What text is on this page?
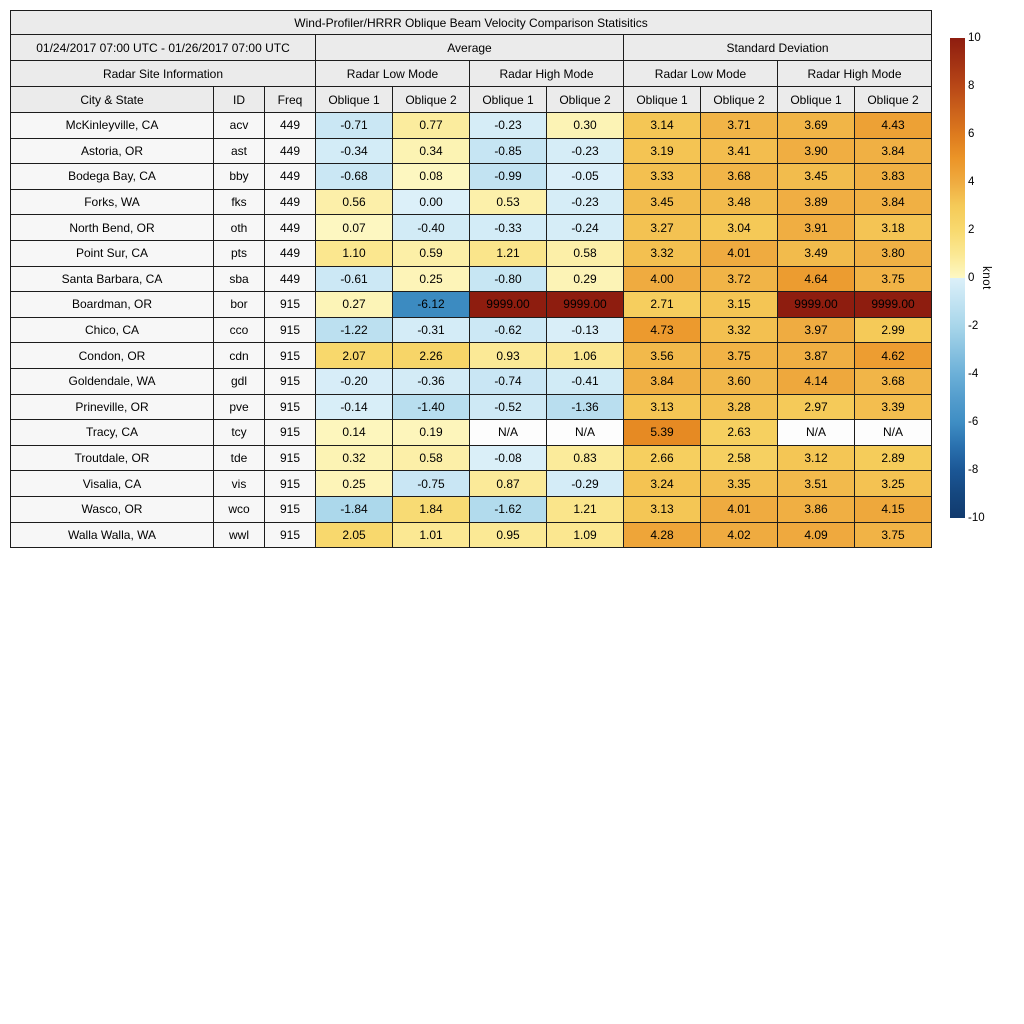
Wind-Profiler/HRRR Oblique Beam Velocity Comparison Statisitics										
01/24/2017 07:00 UTC - 01/26/2017 07:00 UTC			Average				Standard Deviation			
Radar Site Information			Radar Low Mode		Radar High Mode		Radar Low Mode		Radar High Mode	
City & State	ID	Freq	Oblique 1	Oblique 2	Oblique 1	Oblique 2	Oblique 1	Oblique 2	Oblique 1	Oblique 2
McKinleyville, CA	acv	449	-0.71	0.77	-0.23	0.30	3.14	3.71	3.69	4.43
Astoria, OR	ast	449	-0.34	0.34	-0.85	-0.23	3.19	3.41	3.90	3.84
Bodega Bay, CA	bby	449	-0.68	0.08	-0.99	-0.05	3.33	3.68	3.45	3.83
Forks, WA	fks	449	0.56	0.00	0.53	-0.23	3.45	3.48	3.89	3.84
North Bend, OR	oth	449	0.07	-0.40	-0.33	-0.24	3.27	3.04	3.91	3.18
Point Sur, CA	pts	449	1.10	0.59	1.21	0.58	3.32	4.01	3.49	3.80
Santa Barbara, CA	sba	449	-0.61	0.25	-0.80	0.29	4.00	3.72	4.64	3.75
Boardman, OR	bor	915	0.27	-6.12	9999.00	9999.00	2.71	3.15	9999.00	9999.00
Chico, CA	cco	915	-1.22	-0.31	-0.62	-0.13	4.73	3.32	3.97	2.99
Condon, OR	cdn	915	2.07	2.26	0.93	1.06	3.56	3.75	3.87	4.62
Goldendale, WA	gdl	915	-0.20	-0.36	-0.74	-0.41	3.84	3.60	4.14	3.68
Prineville, OR	pve	915	-0.14	-1.40	-0.52	-1.36	3.13	3.28	2.97	3.39
Tracy, CA	tcy	915	0.14	0.19	N/A	N/A	5.39	2.63	N/A	N/A
Troutdale, OR	tde	915	0.32	0.58	-0.08	0.83	2.66	2.58	3.12	2.89
Visalia, CA	vis	915	0.25	-0.75	0.87	-0.29	3.24	3.35	3.51	3.25
Wasco, OR	wco	915	-1.84	1.84	-1.62	1.21	3.13	4.01	3.86	4.15
Walla Walla, WA	wwl	915	2.05	1.01	0.95	1.09	4.28	4.02	4.09	3.75
10
8
6
4
2
0
-2
-4
-6
-8
-10
knot
